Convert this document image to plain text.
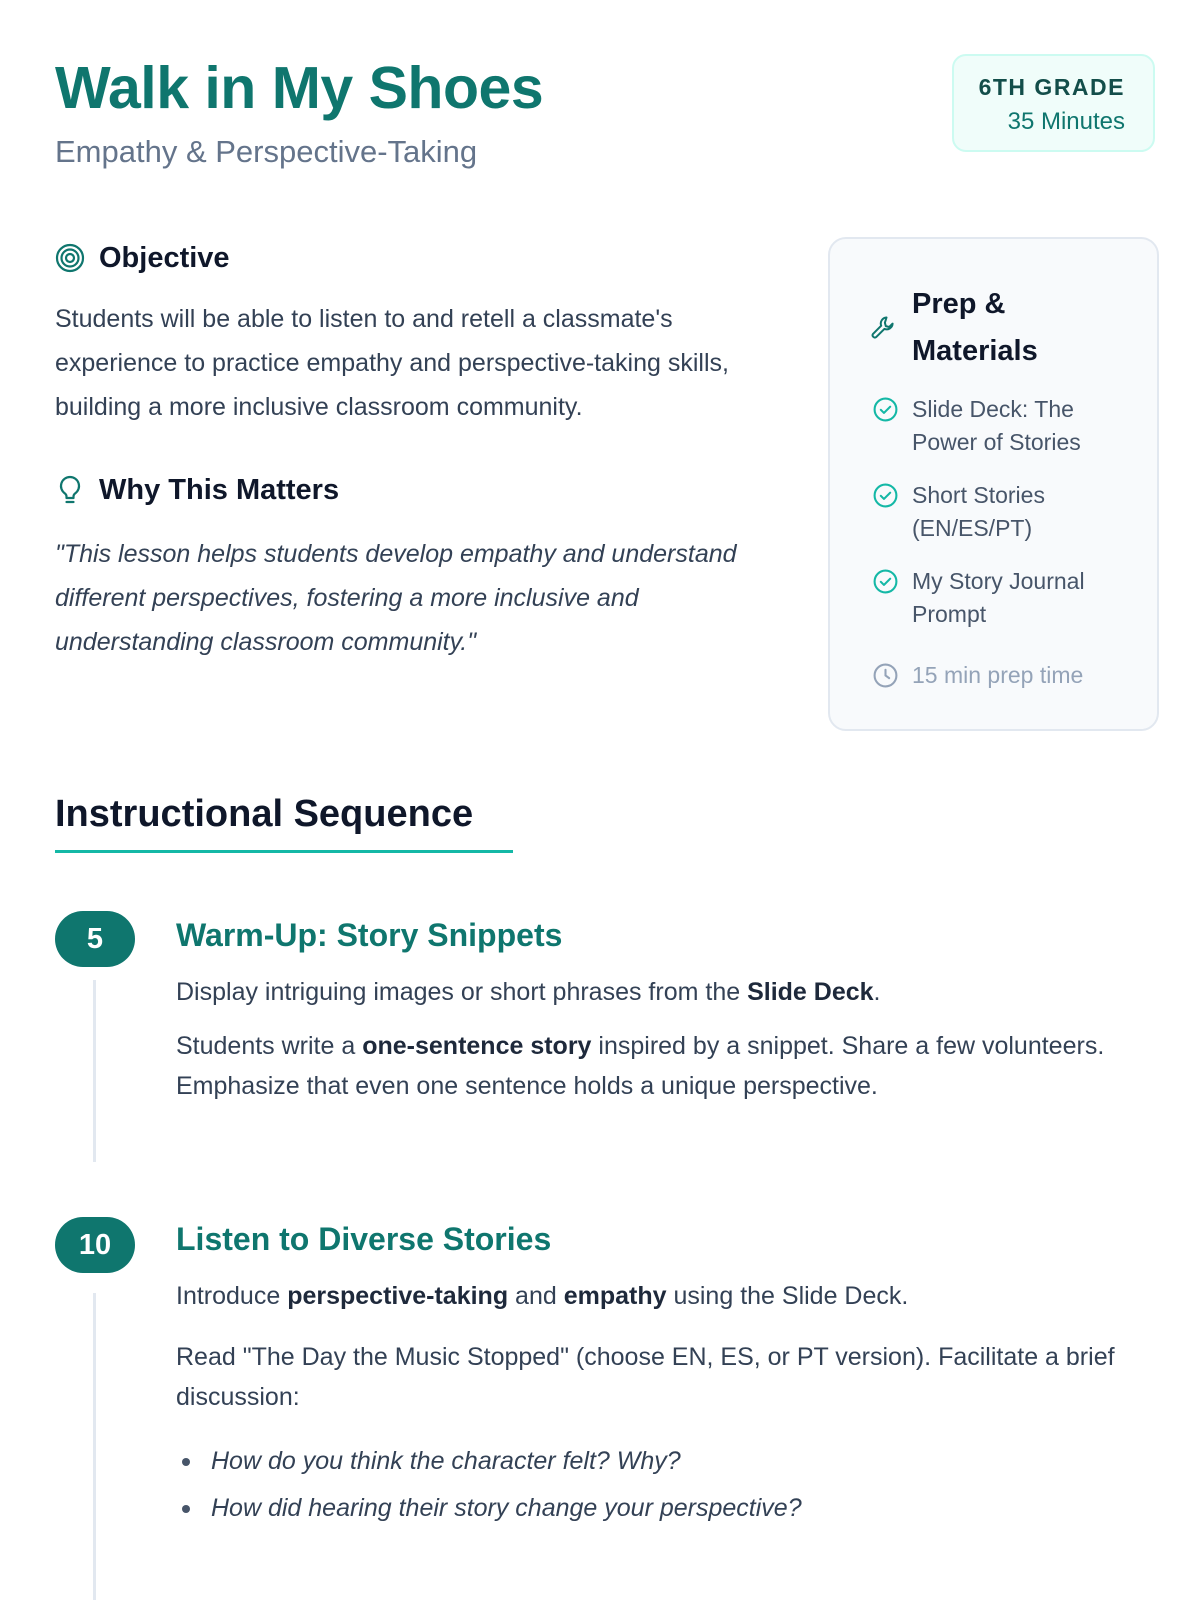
Walk in My Shoes
Empathy & Perspective-Taking
6TH GRADE
35 Minutes
Objective

Students will be able to listen to and retell a classmate's experience to practice empathy and perspective-taking skills, building a more inclusive classroom community.

Why This Matters

"This lesson helps students develop empathy and understand different perspectives, fostering a more inclusive and understanding classroom community."

Prep & Materials
Slide Deck: The Power of Stories
Short Stories (EN/ES/PT)
My Story Journal Prompt
15 min prep time
Instructional Sequence
5	Warm-Up: Story Snippets

Display intriguing images or short phrases from the Slide Deck.

Students write a one-sentence story inspired by a snippet. Share a few volunteers. Emphasize that even one sentence holds a unique perspective.

10	Listen to Diverse Stories

Introduce perspective-taking and empathy using the Slide Deck.

Read "The Day the Music Stopped" (choose EN, ES, or PT version). Facilitate a brief discussion:

How do you think the character felt? Why?
How did hearing their story change your perspective?
